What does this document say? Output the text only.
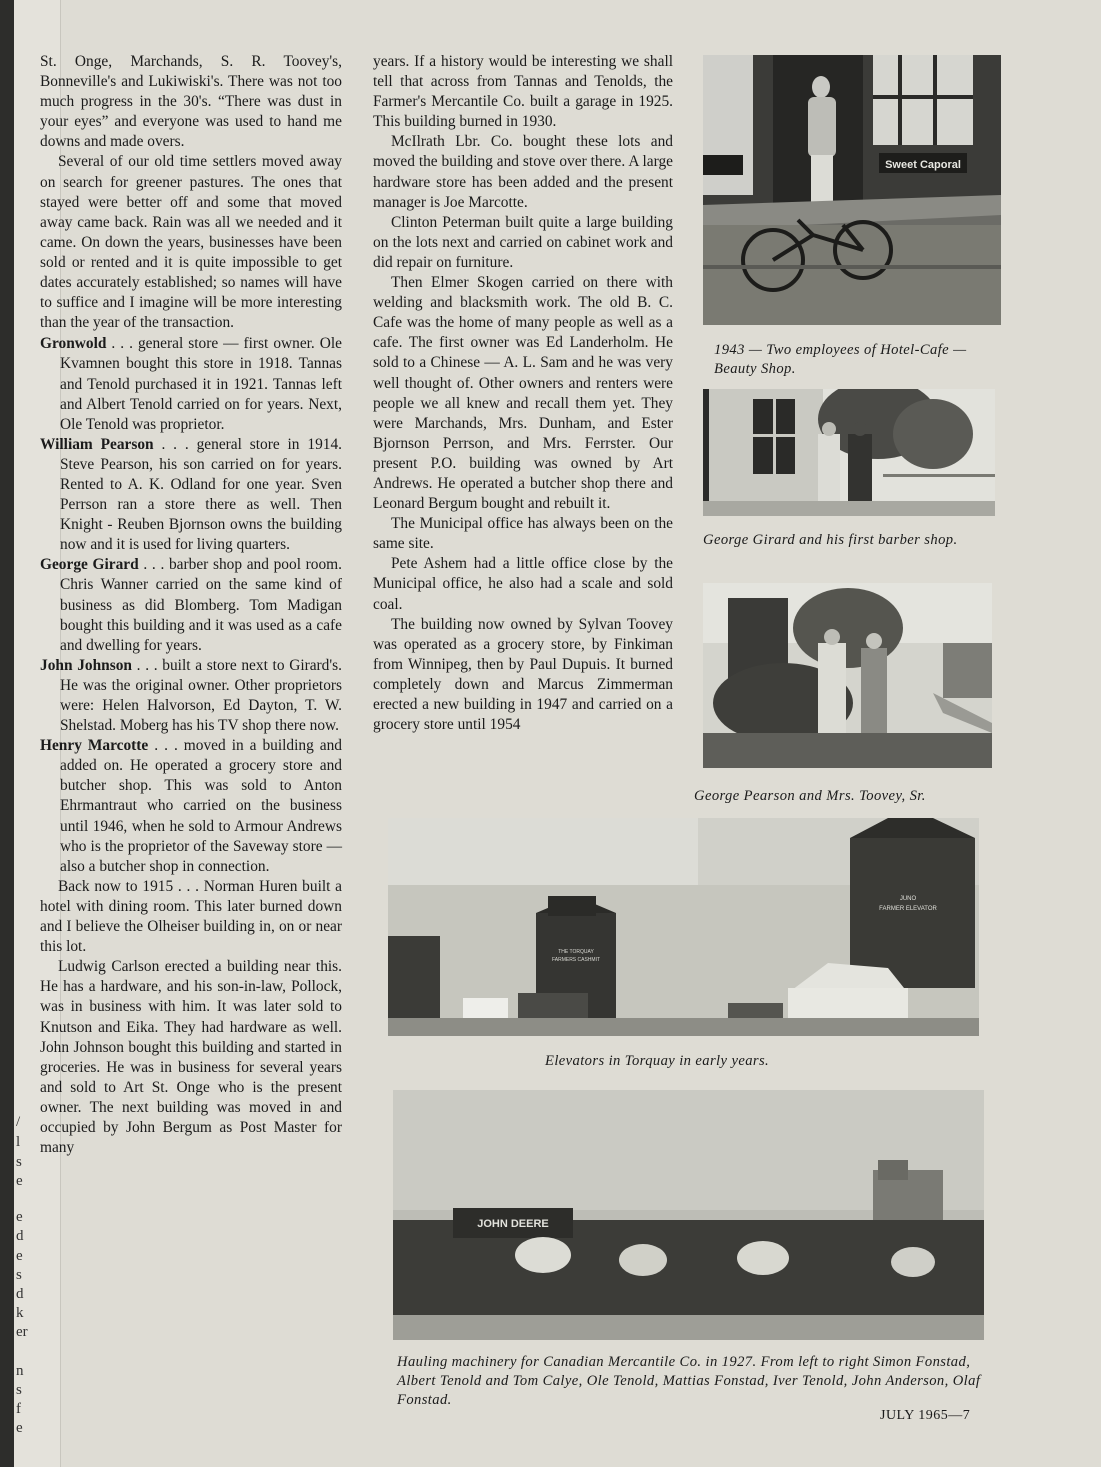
/
l
s
e
e
d
e
s
d
k
er
n
s
f
e

St. Onge, Marchands, S. R. Toovey's, Bonneville's and Lukiwiski's. There was not too much progress in the 30's. “There was dust in your eyes” and everyone was used to hand me downs and made overs.

Several of our old time settlers moved away on search for greener pastures. The ones that stayed were better off and some that moved away came back. Rain was all we needed and it came. On down the years, businesses have been sold or rented and it is quite impossible to get dates accurately established; so names will have to suffice and I imagine will be more interesting than the year of the transaction.

Gronwold . . . general store — first owner. Ole Kvamnen bought this store in 1918. Tannas and Tenold purchased it in 1921. Tannas left and Albert Tenold carried on for years. Next, Ole Tenold was proprietor.

William Pearson . . . general store in 1914. Steve Pearson, his son carried on for years. Rented to A. K. Odland for one year. Sven Perrson ran a store there as well. Then Knight - Reuben Bjornson owns the building now and it is used for living quarters.

George Girard . . . barber shop and pool room. Chris Wanner carried on the same kind of business as did Blomberg. Tom Madigan bought this building and it was used as a cafe and dwelling for years.

John Johnson . . . built a store next to Girard's. He was the original owner. Other proprietors were: Helen Halvorson, Ed Dayton, T. W. Shelstad. Moberg has his TV shop there now.

Henry Marcotte . . . moved in a building and added on. He operated a grocery store and butcher shop. This was sold to Anton Ehrmantraut who carried on the business until 1946, when he sold to Armour Andrews who is the proprietor of the Saveway store — also a butcher shop in connection.

Back now to 1915 . . . Norman Huren built a hotel with dining room. This later burned down and I believe the Olheiser building in, on or near this lot.

Ludwig Carlson erected a building near this. He has a hardware, and his son-in-law, Pollock, was in business with him. It was later sold to Knutson and Eika. They had hardware as well. John Johnson bought this building and started in groceries. He was in business for several years and sold to Art St. Onge who is the present owner. The next building was moved in and occupied by John Bergum as Post Master for many

years. If a history would be interesting we shall tell that across from Tannas and Tenolds, the Farmer's Mercantile Co. built a garage in 1925. This building burned in 1930.

McIlrath Lbr. Co. bought these lots and moved the building and stove over there. A large hardware store has been added and the present manager is Joe Marcotte.

Clinton Peterman built quite a large building on the lots next and carried on cabinet work and did repair on furniture.

Then Elmer Skogen carried on there with welding and blacksmith work. The old B. C. Cafe was the home of many people as well as a cafe. The first owner was Ed Landerholm. He sold to a Chinese — A. L. Sam and he was very well thought of. Other owners and renters were people we all knew and recall them yet. They were Marchands, Mrs. Dunham, and Ester Bjornson Perrson, and Mrs. Ferrster. Our present P.O. building was owned by Art Andrews. He operated a butcher shop there and Leonard Bergum bought and rebuilt it.

The Municipal office has always been on the same site.

Pete Ashem had a little office close by the Municipal office, he also had a scale and sold coal.

The building now owned by Sylvan Toovey was operated as a grocery store, by Finkiman from Winnipeg, then by Paul Dupuis. It burned completely down and Marcus Zimmerman erected a new building in 1947 and carried on a grocery store until 1954

Sweet Caporal
1943 — Two employees of Hotel-Cafe — Beauty Shop.
George Girard and his first barber shop.
George Pearson and Mrs. Toovey, Sr.
THE TORQUAY
FARMERS CASHMIT
JUNO
FARMER ELEVATOR
Elevators in Torquay in early years.
JOHN DEERE
Hauling machinery for Canadian Mercantile Co. in 1927. From left to right Simon Fonstad, Albert Tenold and Tom Calye, Ole Tenold, Mattias Fonstad, Iver Tenold, John Anderson, Olaf Fonstad.
JULY 1965—7
